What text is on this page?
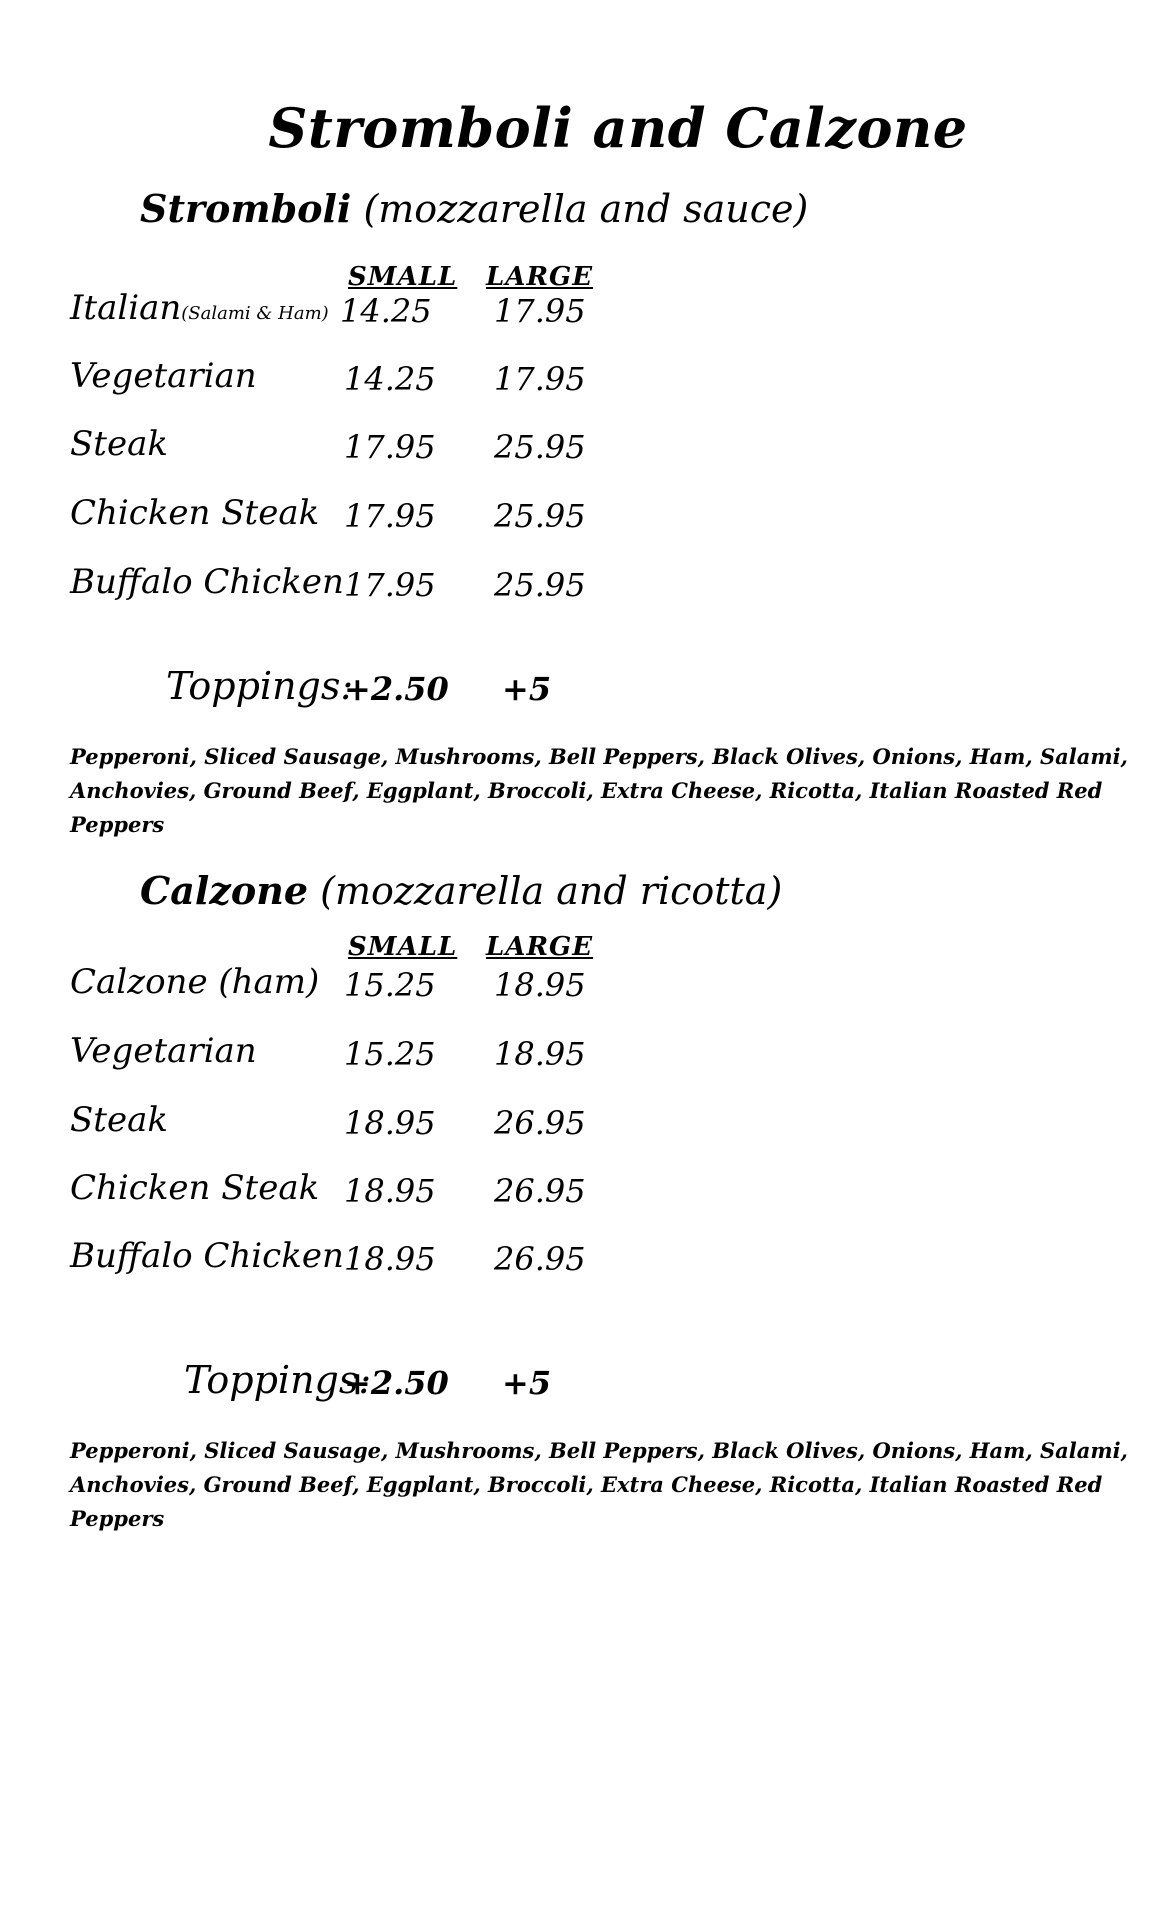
Stromboli and Calzone
Stromboli (mozzarella and sauce)
SMALL LARGE
Italian(Salami & Ham) 14.25 17.95
Vegetarian	14.25 17.95
Steak	17.95 25.95
Chicken Steak 17.95 25.95
Buffalo Chicken 17.95 25.95
Toppings:
+2.50 +5
Pepperoni, Sliced Sausage, Mushrooms, Bell Peppers, Black Olives, Onions, Ham, Salami, Anchovies, Ground Beef, Eggplant, Broccoli, Extra Cheese, Ricotta, Italian Roasted Red Peppers
Calzone (mozzarella and ricotta)
SMALL LARGE
Calzone (ham) 15.25 18.95
Vegetarian	15.25 18.95
Steak	18.95 26.95
Chicken Steak 18.95 26.95
Buffalo Chicken 18.95 26.95
Toppings:
+2.50 +5
Pepperoni, Sliced Sausage, Mushrooms, Bell Peppers, Black Olives, Onions, Ham, Salami, Anchovies, Ground Beef, Eggplant, Broccoli, Extra Cheese, Ricotta, Italian Roasted Red Peppers
